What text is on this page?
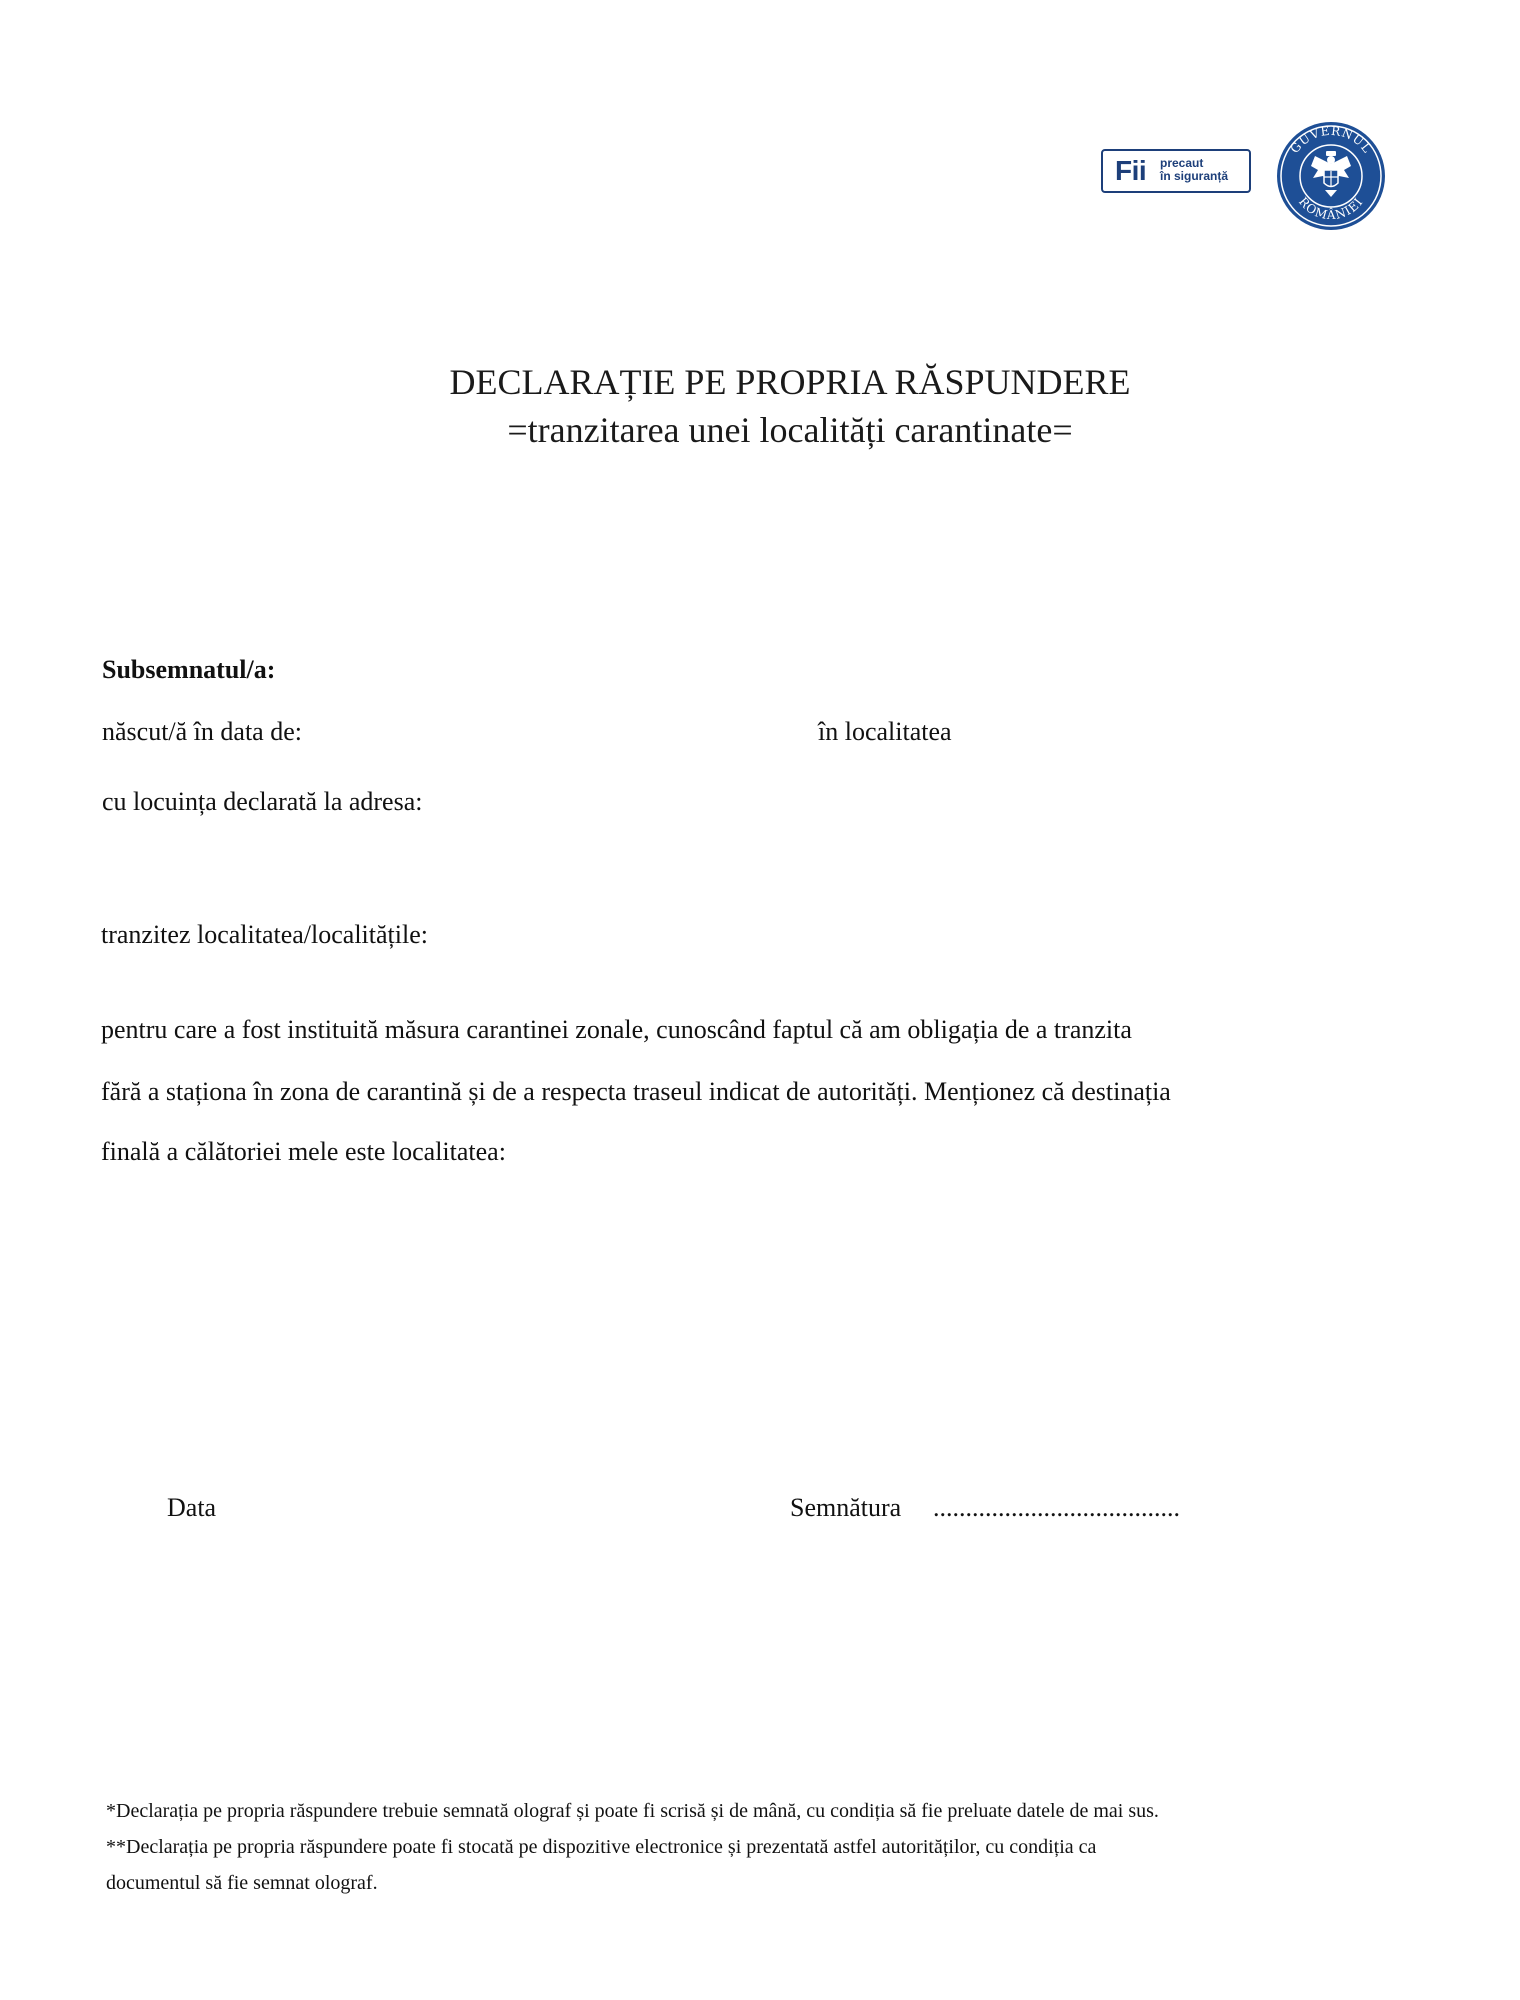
Fii precaut
în siguranță
GUVERNUL
ROMÂNIEI
DECLARAȚIE PE PROPRIA RĂSPUNDERE
=tranzitarea unei localități carantinate=
Subsemnatul/a:
născut/ă în data de:	în localitatea
cu locuința declarată la adresa:
tranzitez localitatea/localitățile:
pentru care a fost instituită măsura carantinei zonale, cunoscând faptul că am obligația de a tranzita
fără a staționa în zona de carantină și de a respecta traseul indicat de autorități. Menționez că destinația
finală a călătoriei mele este localitatea:
Data	Semnătura ......................................
*Declarația pe propria răspundere trebuie semnată olograf și poate fi scrisă și de mână, cu condiția să fie preluate datele de mai sus.
**Declarația pe propria răspundere poate fi stocată pe dispozitive electronice și prezentată astfel autorităților, cu condiția ca
documentul să fie semnat olograf.
